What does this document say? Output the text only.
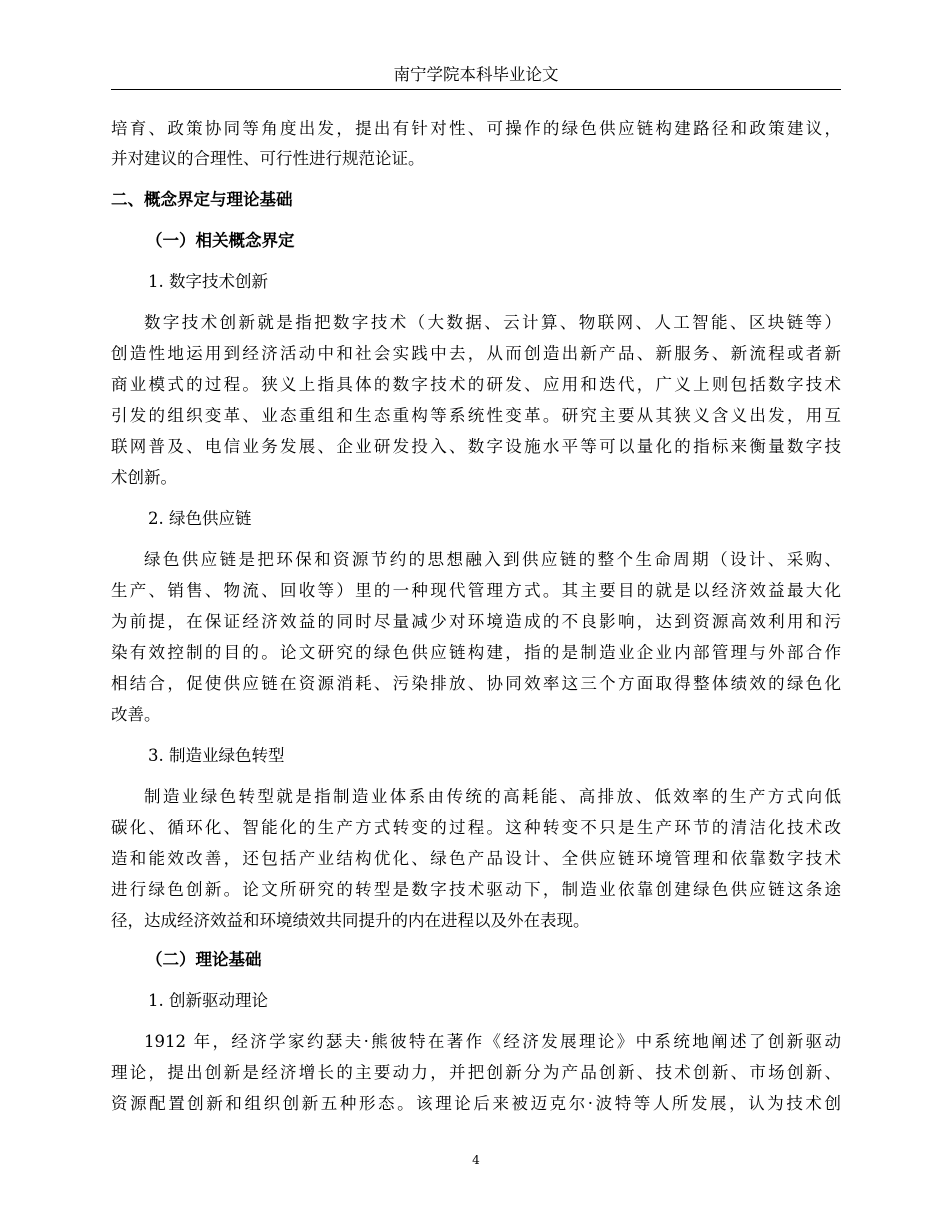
南宁学院本科毕业论文
培育、政策协同等角度出发，提出有针对性、可操作的绿色供应链构建路径和政策建议，
并对建议的合理性、可行性进行规范论证。
二、概念界定与理论基础
（一）相关概念界定
1. 数字技术创新
数字技术创新就是指把数字技术（大数据、云计算、物联网、人工智能、区块链等）
创造性地运用到经济活动中和社会实践中去，从而创造出新产品、新服务、新流程或者新
商业模式的过程。狭义上指具体的数字技术的研发、应用和迭代，广义上则包括数字技术
引发的组织变革、业态重组和生态重构等系统性变革。研究主要从其狭义含义出发，用互
联网普及、电信业务发展、企业研发投入、数字设施水平等可以量化的指标来衡量数字技
术创新。
2. 绿色供应链
绿色供应链是把环保和资源节约的思想融入到供应链的整个生命周期（设计、采购、
生产、销售、物流、回收等）里的一种现代管理方式。其主要目的就是以经济效益最大化
为前提，在保证经济效益的同时尽量减少对环境造成的不良影响，达到资源高效利用和污
染有效控制的目的。论文研究的绿色供应链构建，指的是制造业企业内部管理与外部合作
相结合，促使供应链在资源消耗、污染排放、协同效率这三个方面取得整体绩效的绿色化
改善。
3. 制造业绿色转型
制造业绿色转型就是指制造业体系由传统的高耗能、高排放、低效率的生产方式向低
碳化、循环化、智能化的生产方式转变的过程。这种转变不只是生产环节的清洁化技术改
造和能效改善，还包括产业结构优化、绿色产品设计、全供应链环境管理和依靠数字技术
进行绿色创新。论文所研究的转型是数字技术驱动下，制造业依靠创建绿色供应链这条途
径，达成经济效益和环境绩效共同提升的内在进程以及外在表现。
（二）理论基础
1. 创新驱动理论
1912 年，经济学家约瑟夫·熊彼特在著作《经济发展理论》中系统地阐述了创新驱动
理论，提出创新是经济增长的主要动力，并把创新分为产品创新、技术创新、市场创新、
资源配置创新和组织创新五种形态。该理论后来被迈克尔·波特等人所发展，认为技术创
4
